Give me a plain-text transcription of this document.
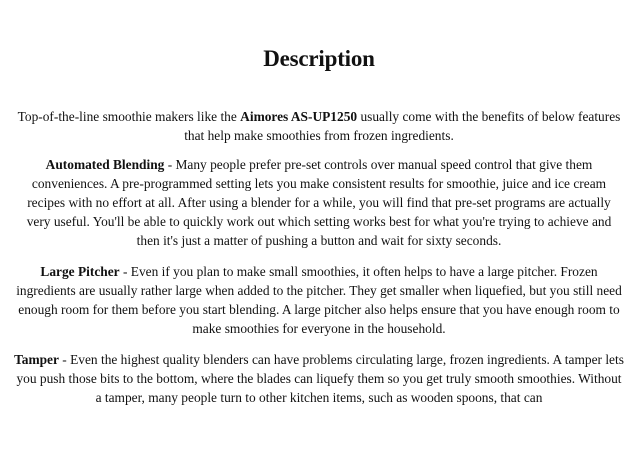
Description

Top-of-the-line smoothie makers like the Aimores AS-UP1250 usually come with the benefits of below features that help make smoothies from frozen ingredients.

Automated Blending - Many people prefer pre-set controls over manual speed control that give them conveniences. A pre-programmed setting lets you make consistent results for smoothie, juice and ice cream recipes with no effort at all. After using a blender for a while, you will find that pre-set programs are actually very useful. You'll be able to quickly work out which setting works best for what you're trying to achieve and then it's just a matter of pushing a button and wait for sixty seconds.

Large Pitcher - Even if you plan to make small smoothies, it often helps to have a large pitcher. Frozen ingredients are usually rather large when added to the pitcher. They get smaller when liquefied, but you still need enough room for them before you start blending. A large pitcher also helps ensure that you have enough room to make smoothies for everyone in the household.

Tamper - Even the highest quality blenders can have problems circulating large, frozen ingredients. A tamper lets you push those bits to the bottom, where the blades can liquefy them so you get truly smooth smoothies. Without a tamper, many people turn to other kitchen items, such as wooden spoons, that can
